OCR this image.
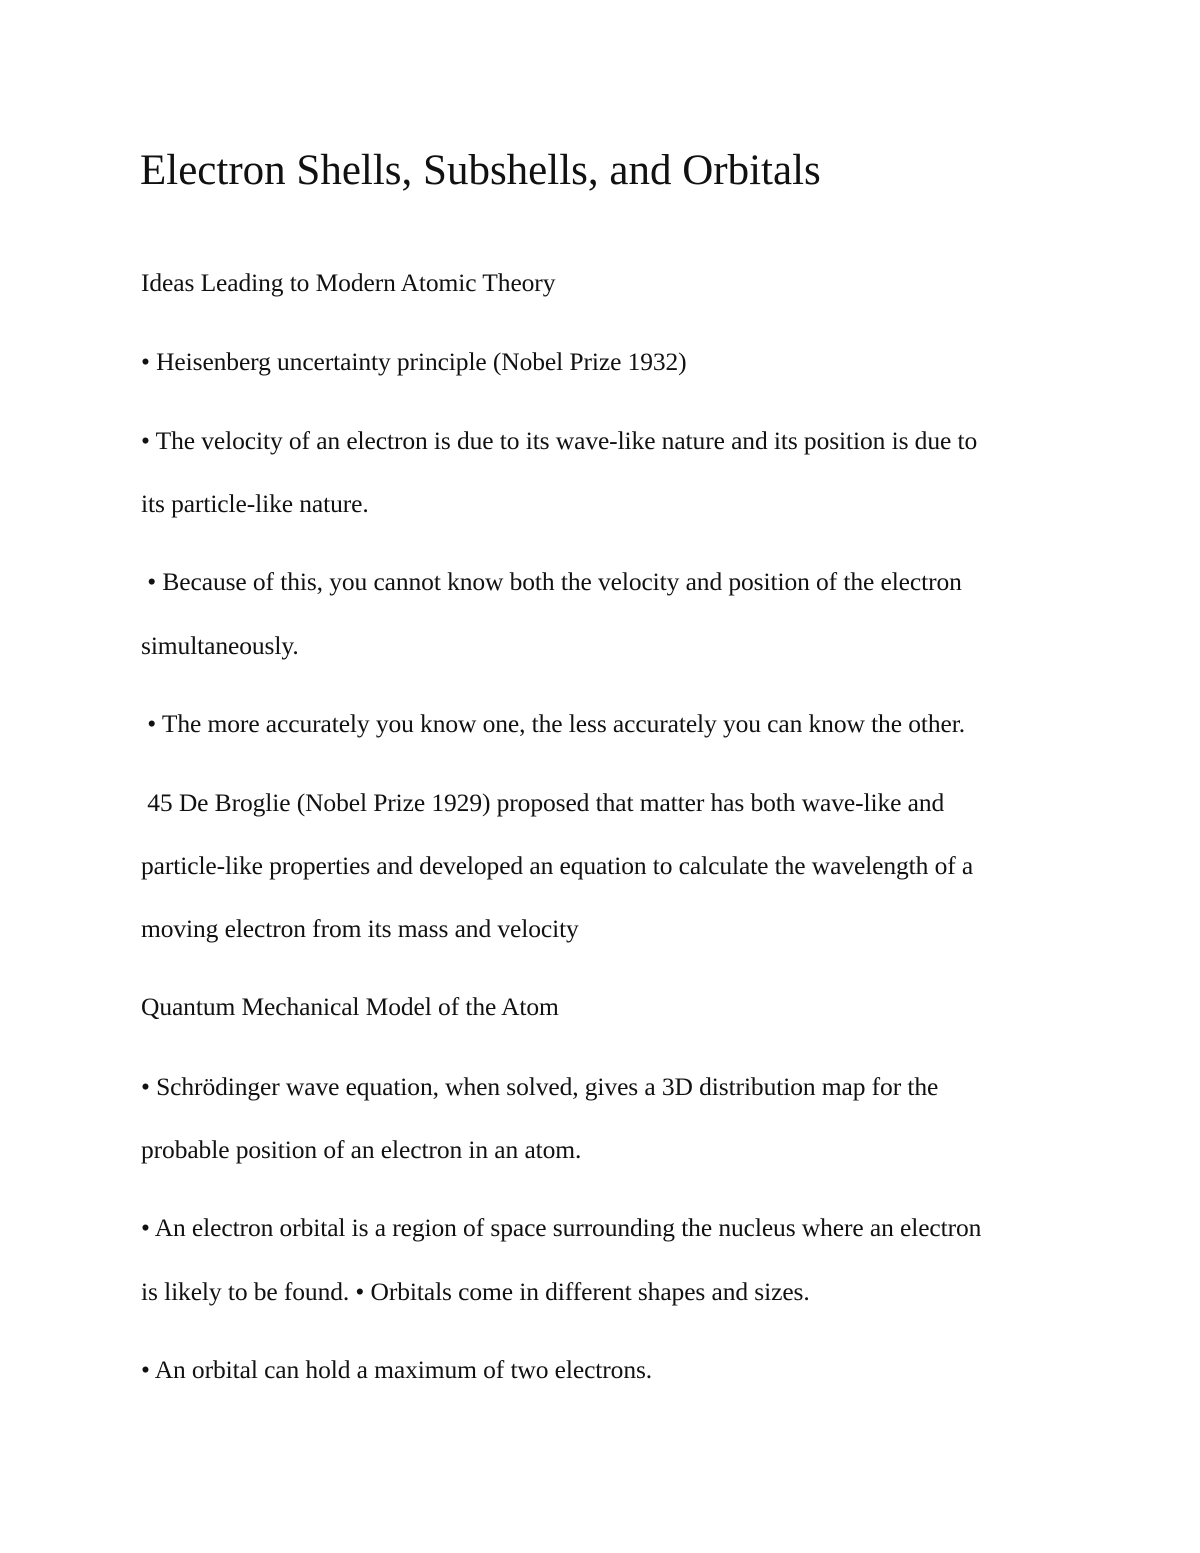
Electron Shells, Subshells, and Orbitals
Ideas Leading to Modern Atomic Theory
• Heisenberg uncertainty principle (Nobel Prize 1932)
• The velocity of an electron is due to its wave-like nature and its position is due to
its particle-like nature.
• Because of this, you cannot know both the velocity and position of the electron
simultaneously.
• The more accurately you know one, the less accurately you can know the other.
45 De Broglie (Nobel Prize 1929) proposed that matter has both wave-like and
particle-like properties and developed an equation to calculate the wavelength of a
moving electron from its mass and velocity
Quantum Mechanical Model of the Atom
• Schrödinger wave equation, when solved, gives a 3D distribution map for the
probable position of an electron in an atom.
• An electron orbital is a region of space surrounding the nucleus where an electron
is likely to be found. • Orbitals come in different shapes and sizes.
• An orbital can hold a maximum of two electrons.
